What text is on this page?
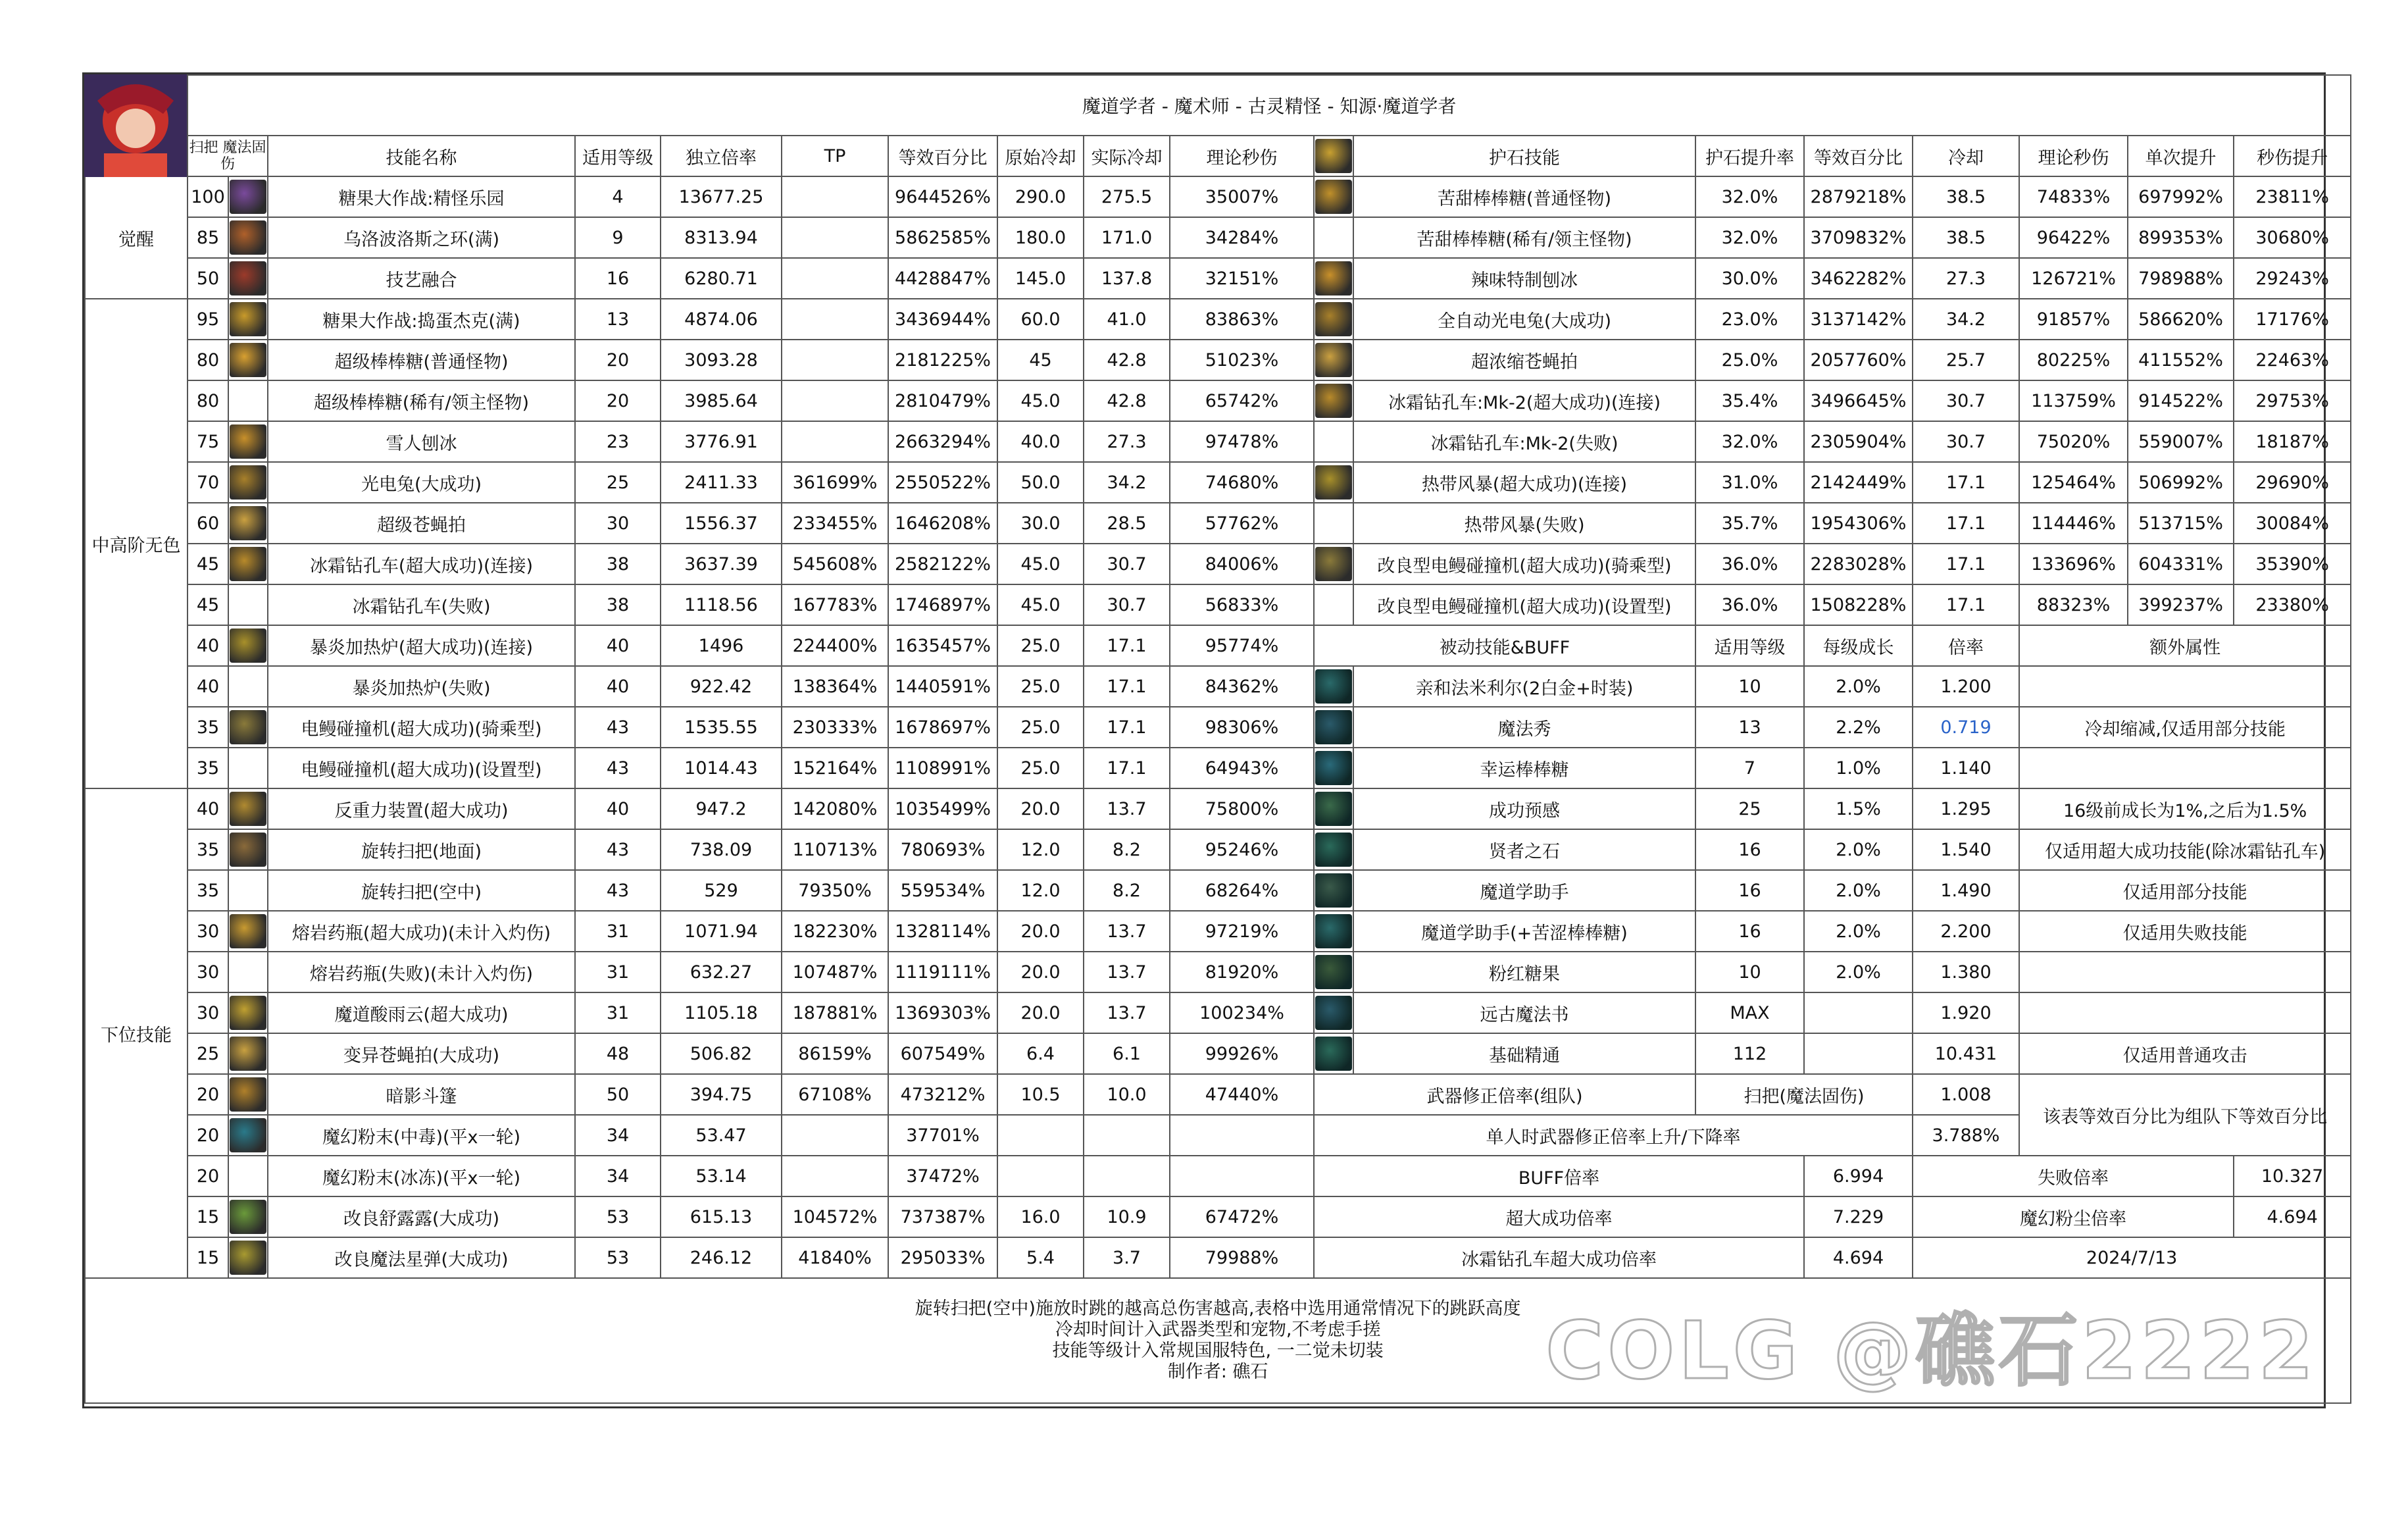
	魔道学者 - 魔术师 - 古灵精怪 - 知源·魔道学者																	
	扫把 魔法固伤		技能名称	适用等级	独立倍率	TP	等效百分比	原始冷却	实际冷却	理论秒伤		护石技能	护石提升率	等效百分比	冷却	理论秒伤	单次提升	秒伤提升
觉醒	100		糖果大作战:精怪乐园	4	13677.25		9644526%	290.0	275.5	35007%		苦甜棒棒糖(普通怪物)	32.0%	2879218%	38.5	74833%	697992%	23811%
	85		乌洛波洛斯之环(满)	9	8313.94		5862585%	180.0	171.0	34284%		苦甜棒棒糖(稀有/领主怪物)	32.0%	3709832%	38.5	96422%	899353%	30680%
	50		技艺融合	16	6280.71		4428847%	145.0	137.8	32151%		辣味特制刨冰	30.0%	3462282%	27.3	126721%	798988%	29243%
中高阶无色	95		糖果大作战:捣蛋杰克(满)	13	4874.06		3436944%	60.0	41.0	83863%		全自动光电兔(大成功)	23.0%	3137142%	34.2	91857%	586620%	17176%
	80		超级棒棒糖(普通怪物)	20	3093.28		2181225%	45	42.8	51023%		超浓缩苍蝇拍	25.0%	2057760%	25.7	80225%	411552%	22463%
	80		超级棒棒糖(稀有/领主怪物)	20	3985.64		2810479%	45.0	42.8	65742%		冰霜钻孔车:Mk-2(超大成功)(连接)	35.4%	3496645%	30.7	113759%	914522%	29753%
	75		雪人刨冰	23	3776.91		2663294%	40.0	27.3	97478%		冰霜钻孔车:Mk-2(失败)	32.0%	2305904%	30.7	75020%	559007%	18187%
	70		光电兔(大成功)	25	2411.33	361699%	2550522%	50.0	34.2	74680%		热带风暴(超大成功)(连接)	31.0%	2142449%	17.1	125464%	506992%	29690%
	60		超级苍蝇拍	30	1556.37	233455%	1646208%	30.0	28.5	57762%		热带风暴(失败)	35.7%	1954306%	17.1	114446%	513715%	30084%
	45		冰霜钻孔车(超大成功)(连接)	38	3637.39	545608%	2582122%	45.0	30.7	84006%		改良型电鳗碰撞机(超大成功)(骑乘型)	36.0%	2283028%	17.1	133696%	604331%	35390%
	45		冰霜钻孔车(失败)	38	1118.56	167783%	1746897%	45.0	30.7	56833%		改良型电鳗碰撞机(超大成功)(设置型)	36.0%	1508228%	17.1	88323%	399237%	23380%
	40		暴炎加热炉(超大成功)(连接)	40	1496	224400%	1635457%	25.0	17.1	95774%	被动技能&BUFF		适用等级	每级成长	倍率	额外属性		
	40		暴炎加热炉(失败)	40	922.42	138364%	1440591%	25.0	17.1	84362%		亲和法米利尔(2白金+时装)	10	2.0%	1.200			
	35		电鳗碰撞机(超大成功)(骑乘型)	43	1535.55	230333%	1678697%	25.0	17.1	98306%		魔法秀	13	2.2%	0.719	冷却缩减,仅适用部分技能		
	35		电鳗碰撞机(超大成功)(设置型)	43	1014.43	152164%	1108991%	25.0	17.1	64943%		幸运棒棒糖	7	1.0%	1.140			
下位技能	40		反重力装置(超大成功)	40	947.2	142080%	1035499%	20.0	13.7	75800%		成功预感	25	1.5%	1.295	16级前成长为1%,之后为1.5%		
	35		旋转扫把(地面)	43	738.09	110713%	780693%	12.0	8.2	95246%		贤者之石	16	2.0%	1.540	仅适用超大成功技能(除冰霜钻孔车)		
	35		旋转扫把(空中)	43	529	79350%	559534%	12.0	8.2	68264%		魔道学助手	16	2.0%	1.490	仅适用部分技能		
	30		熔岩药瓶(超大成功)(未计入灼伤)	31	1071.94	182230%	1328114%	20.0	13.7	97219%		魔道学助手(+苦涩棒棒糖)	16	2.0%	2.200	仅适用失败技能		
	30		熔岩药瓶(失败)(未计入灼伤)	31	632.27	107487%	1119111%	20.0	13.7	81920%		粉红糖果	10	2.0%	1.380			
	30		魔道酸雨云(超大成功)	31	1105.18	187881%	1369303%	20.0	13.7	100234%		远古魔法书	MAX		1.920			
	25		变异苍蝇拍(大成功)	48	506.82	86159%	607549%	6.4	6.1	99926%		基础精通	112		10.431	仅适用普通攻击		
	20		暗影斗篷	50	394.75	67108%	473212%	10.5	10.0	47440%	武器修正倍率(组队)		扫把(魔法固伤)		1.008	该表等效百分比为组队下等效百分比		
	20		魔幻粉末(中毒)(平x一轮)	34	53.47		37701%				单人时武器修正倍率上升/下降率				3.788%			
	20		魔幻粉末(冰冻)(平x一轮)	34	53.14		37472%				BUFF倍率			6.994	失败倍率			10.327
	15		改良舒露露(大成功)	53	615.13	104572%	737387%	16.0	10.9	67472%	超大成功倍率			7.229	魔幻粉尘倍率			4.694
	15		改良魔法星弹(大成功)	53	246.12	41840%	295033%	5.4	3.7	79988%	冰霜钻孔车超大成功倍率			4.694	2024/7/13			

旋转扫把(空中)施放时跳的越高总伤害越高,表格中选用通常情况下的跳跃高度
冷却时间计入武器类型和宠物,不考虑手搓
技能等级计入常规国服特色, 一二觉未切装
制作者: 礁石																			COLG @礁石2222
